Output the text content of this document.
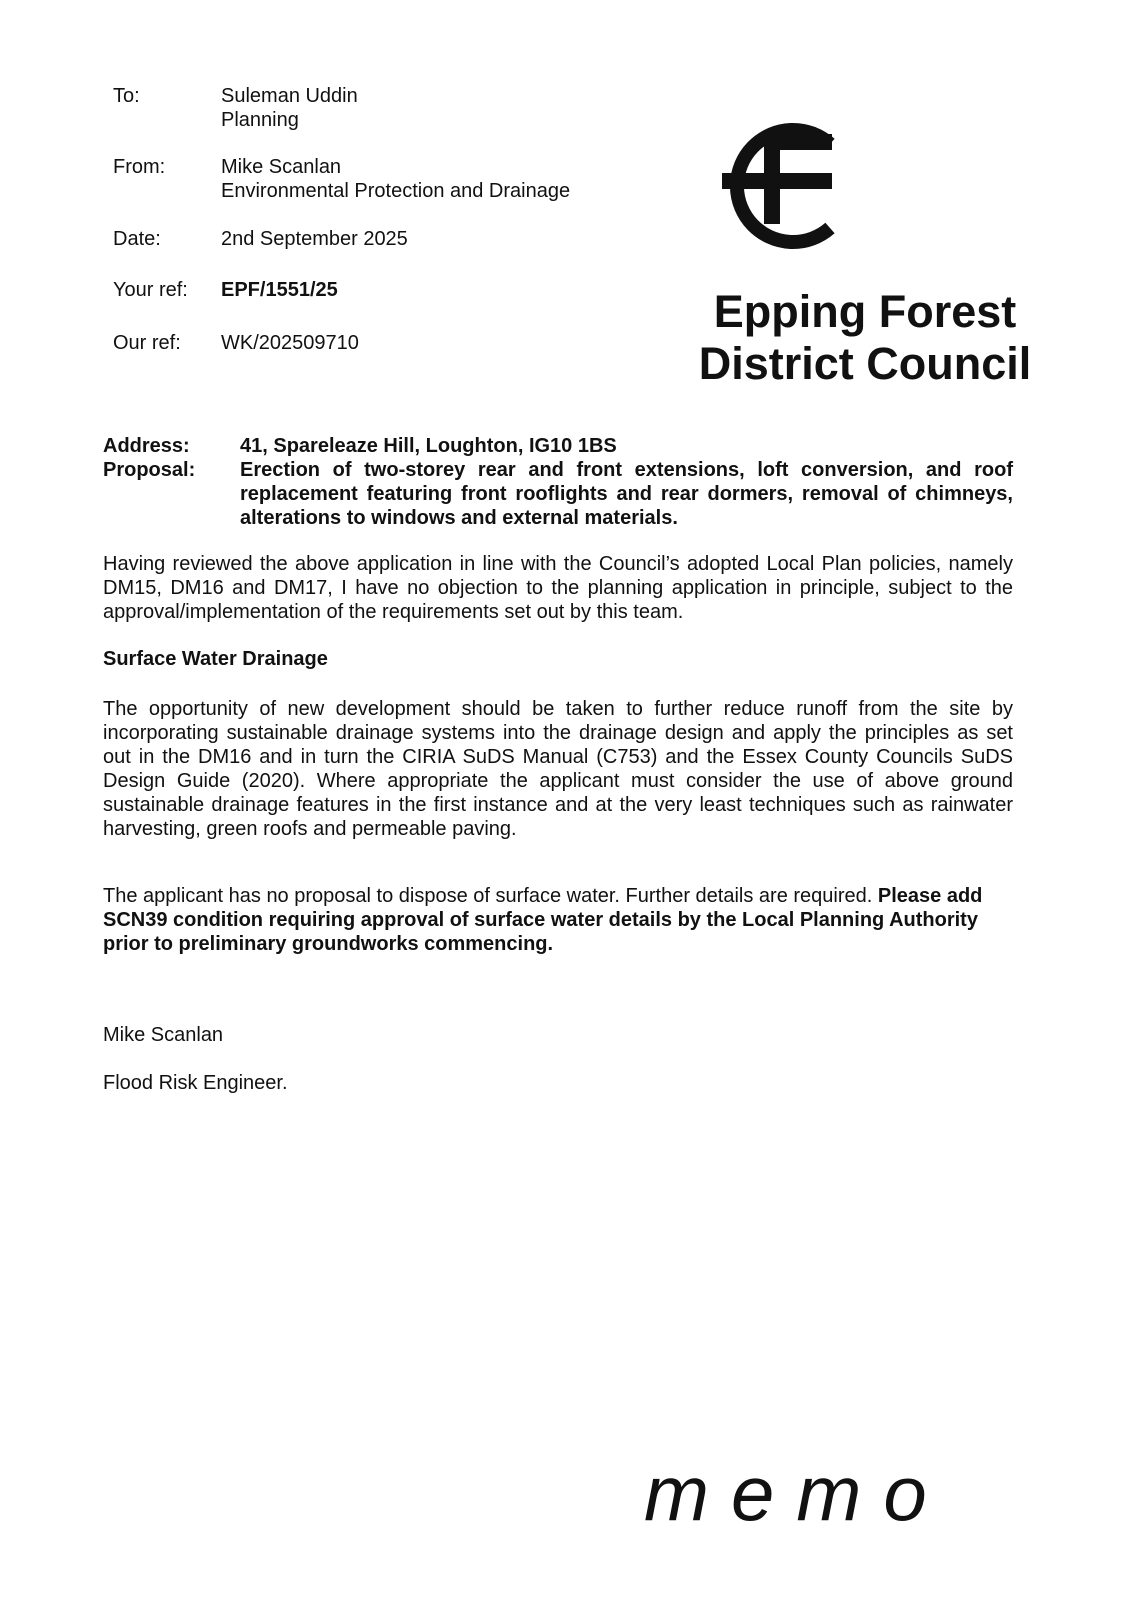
To:	Suleman Uddin
Planning
From:	Mike Scanlan
Environmental Protection and Drainage
Date:	2nd September 2025
Your ref:	EPF/1551/25
Our ref:	WK/202509710
Epping Forest
District Council
Address:	41, Spareleaze Hill, Loughton, IG10 1BS
Proposal: Erection of two-storey rear and front extensions, loft conversion, and roof replacement featuring front rooflights and rear dormers, removal of chimneys, alterations to windows and external materials.

Having reviewed the above application in line with the Council’s adopted Local Plan policies, namely DM15, DM16 and DM17, I have no objection to the planning application in principle, subject to the approval/implementation of the requirements set out by this team.

Surface Water Drainage

The opportunity of new development should be taken to further reduce runoff from the site by incorporating sustainable drainage systems into the drainage design and apply the principles as set out in the DM16 and in turn the CIRIA SuDS Manual (C753) and the Essex County Councils SuDS Design Guide (2020). Where appropriate the applicant must consider the use of above ground sustainable drainage features in the first instance and at the very least techniques such as rainwater harvesting, green roofs and permeable paving.

The applicant has no proposal to dispose of surface water. Further details are required. Please add SCN39 condition requiring approval of surface water details by the Local Planning Authority prior to preliminary groundworks commencing.

Mike Scanlan
Flood Risk Engineer.
memo
